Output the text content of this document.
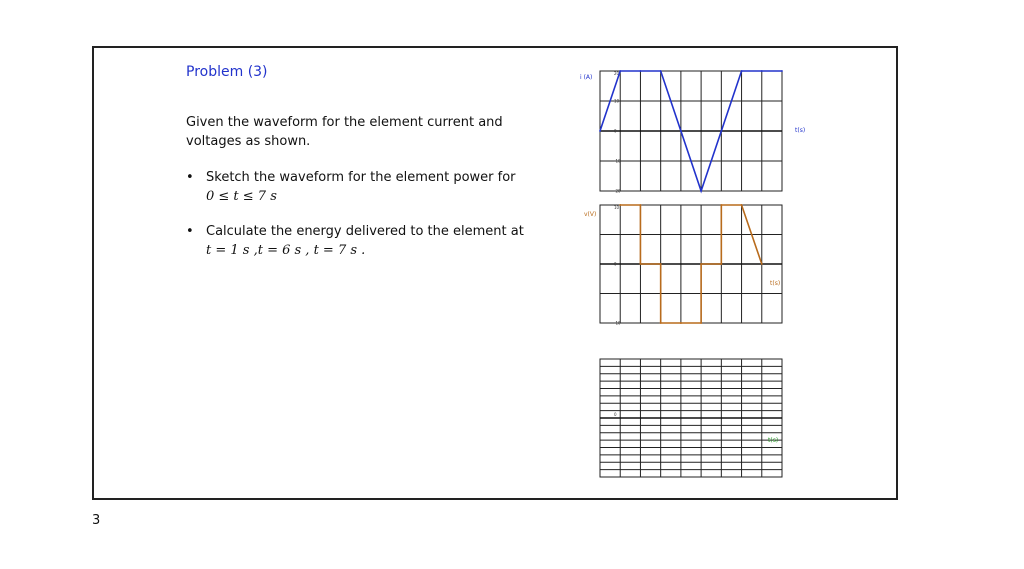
Problem (3)
Given the waveform for the element current and voltages as shown.
• Sketch the waveform for the element power for
0 ≤ t ≤ 7 s
• Calculate the energy delivered to the element at
t = 1 s ,t = 6 s , t = 7 s .
20
10
0
-10
-20
i (A)
t(s)
10
0
-10
v(V)
t(s)
0
t(s)
3
